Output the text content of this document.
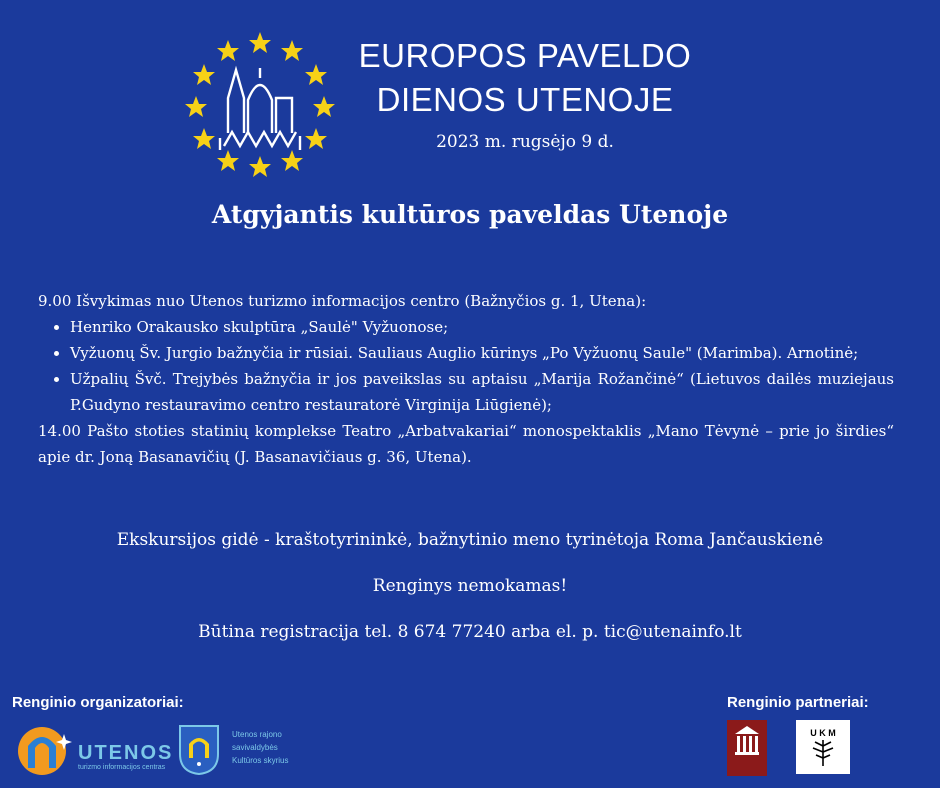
EUROPOS PAVELDO
DIENOS UTENOJE
2023 m. rugsėjo 9 d.
Atgyjantis kultūros paveldas Utenoje

9.00 Išvykimas nuo Utenos turizmo informacijos centro (Bažnyčios g. 1, Utena):

• Henriko Orakausko skulptūra „Saulė" Vyžuonose;
• Vyžuonų Šv. Jurgio bažnyčia ir rūsiai. Sauliaus Auglio kūrinys „Po Vyžuonų Saule" (Marimba). Arnotinė;
• Užpalių Švč. Trejybės bažnyčia ir jos paveikslas su aptaisu „Marija Rožančinė“ (Lietuvos dailės muziejaus P.Gudyno restauravimo centro restauratorė Virginija Liūgienė);

14.00 Pašto stoties statinių komplekse Teatro „Arbatvakariai“ monospektaklis „Mano Tėvynė – prie jo širdies“ apie dr. Joną Basanavičių (J. Basanavičiaus g. 36, Utena).

Ekskursijos gidė - kraštotyrininkė, bažnytinio meno tyrinėtoja Roma Jančauskienė
Renginys nemokamas!
Būtina registracija tel. 8 674 77240 arba el. p. tic@utenainfo.lt
Renginio organizatoriai:	Renginio partneriai:
UTENOS
turizmo informacijos centras
Utenos rajono
savivaldybės
Kultūros skyrius
U K M
